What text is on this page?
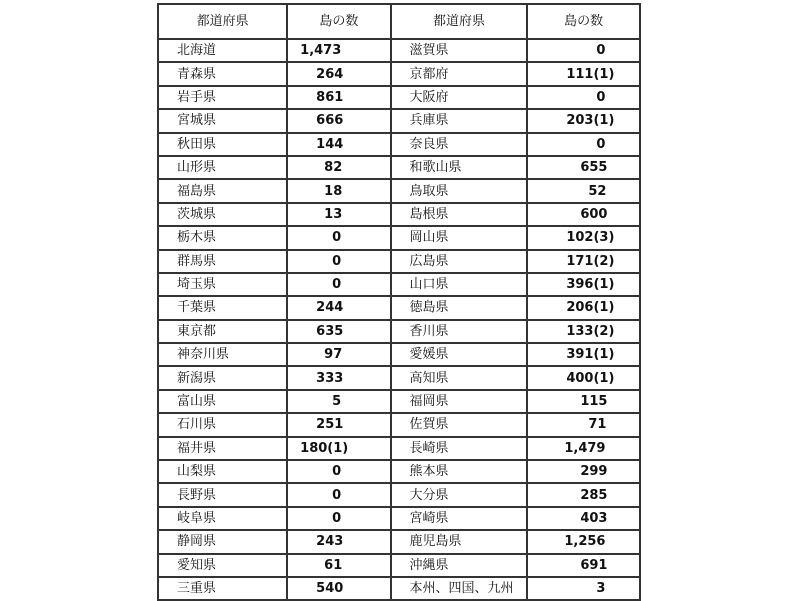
都道府県	島の数	都道府県	島の数
北海道	1,473	滋賀県	0
青森県	264	京都府	111(1)
岩手県	861	大阪府	0
宮城県	666	兵庫県	203(1)
秋田県	144	奈良県	0
山形県	82	和歌山県	655
福島県	18	鳥取県	52
茨城県	13	島根県	600
栃木県	0	岡山県	102(3)
群馬県	0	広島県	171(2)
埼玉県	0	山口県	396(1)
千葉県	244	徳島県	206(1)
東京都	635	香川県	133(2)
神奈川県	97	愛媛県	391(1)
新潟県	333	高知県	400(1)
富山県	5	福岡県	115
石川県	251	佐賀県	71
福井県	180(1)	長崎県	1,479
山梨県	0	熊本県	299
長野県	0	大分県	285
岐阜県	0	宮崎県	403
静岡県	243	鹿児島県	1,256
愛知県	61	沖縄県	691
三重県	540	本州、四国、九州	3
